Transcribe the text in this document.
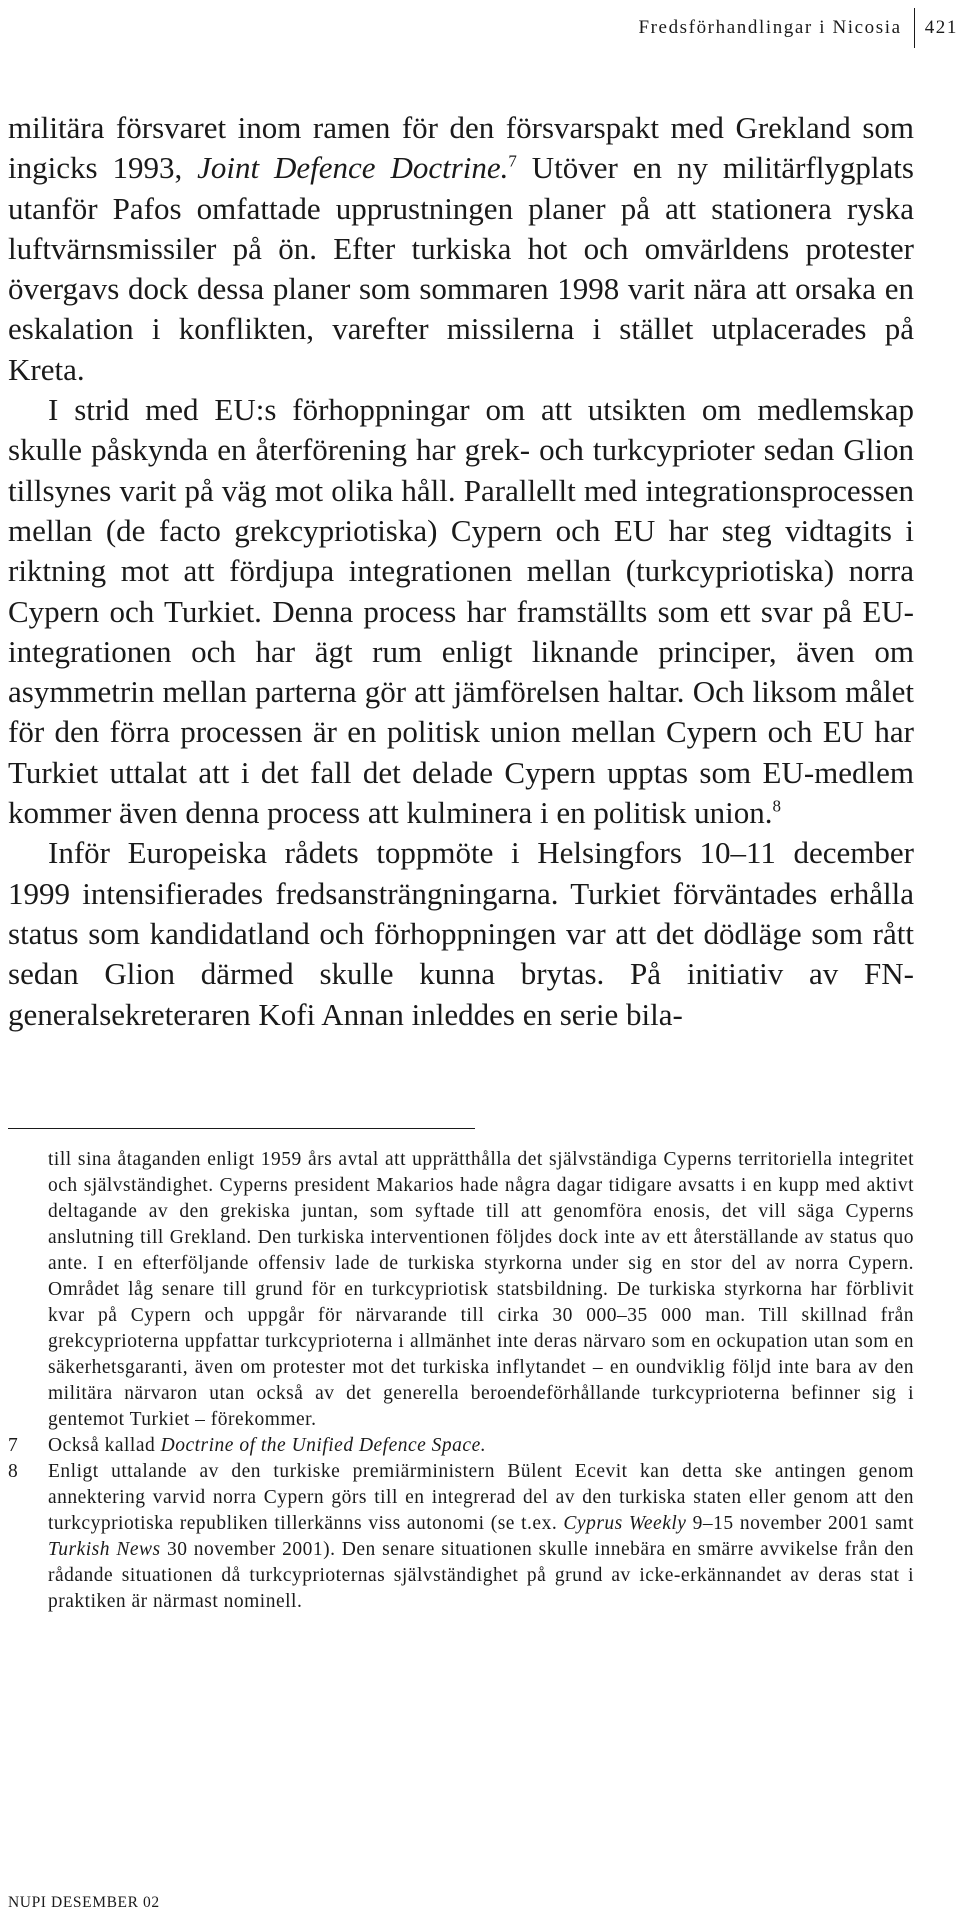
Fredsförhandlingar i Nicosia	421

militära försvaret inom ramen för den försvarspakt med Grekland som ingicks 1993, Joint Defence Doctrine.$^7$ Utöver en ny militärflygplats utanför Pafos omfattade upprustningen planer på att stationera ryska luftvärnsmissiler på ön. Efter turkiska hot och omvärldens protester övergavs dock dessa planer som sommaren 1998 varit nära att orsaka en eskalation i konflikten, varefter missilerna i stället utplacerades på Kreta.

I strid med EU:s förhoppningar om att utsikten om medlemskap skulle påskynda en återförening har grek- och turkcyprioter sedan Glion tillsynes varit på väg mot olika håll. Parallellt med integrationsprocessen mellan (de facto grekcypriotiska) Cypern och EU har steg vidtagits i riktning mot att fördjupa integrationen mellan (turkcypriotiska) norra Cypern och Turkiet. Denna process har framställts som ett svar på EU-integrationen och har ägt rum enligt liknande principer, även om asymmetrin mellan parterna gör att jämförelsen haltar. Och liksom målet för den förra processen är en politisk union mellan Cypern och EU har Turkiet uttalat att i det fall det delade Cypern upptas som EU-medlem kommer även denna process att kulminera i en politisk union.$^8$

Inför Europeiska rådets toppmöte i Helsingfors 10–11 december 1999 intensifierades fredsansträngningarna. Turkiet förväntades erhålla status som kandidatland och förhoppningen var att det dödläge som rått sedan Glion därmed skulle kunna brytas. På initiativ av FN-generalsekreteraren Kofi Annan inleddes en serie bila-

till sina åtaganden enligt 1959 års avtal att upprätthålla det självständiga Cyperns territoriella integritet och självständighet. Cyperns president Makarios hade några dagar tidigare avsatts i en kupp med aktivt deltagande av den grekiska juntan, som syftade till att genomföra enosis, det vill säga Cyperns anslutning till Grekland. Den turkiska interventionen följdes dock inte av ett återställande av status quo ante. I en efterföljande offensiv lade de turkiska styrkorna under sig en stor del av norra Cypern. Området låg senare till grund för en turkcypriotisk statsbildning. De turkiska styrkorna har förblivit kvar på Cypern och uppgår för närvarande till cirka 30 000–35 000 man. Till skillnad från grekcyprioterna uppfattar turkcyprioterna i allmänhet inte deras närvaro som en ockupation utan som en säkerhetsgaranti, även om protester mot det turkiska inflytandet – en oundviklig följd inte bara av den militära närvaron utan också av det generella beroendeförhållande turkcyprioterna befinner sig i gentemot Turkiet – förekommer.

7	Också kallad Doctrine of the Unified Defence Space.

8	Enligt uttalande av den turkiske premiärministern Bülent Ecevit kan detta ske antingen genom annektering varvid norra Cypern görs till en integrerad del av den turkiska staten eller genom att den turkcypriotiska republiken tillerkänns viss autonomi (se t.ex. Cyprus Weekly 9–15 november 2001 samt Turkish News 30 november 2001). Den senare situationen skulle innebära en smärre avvikelse från den rådande situationen då turkcyprioternas självständighet på grund av icke-erkännandet av deras stat i praktiken är närmast nominell.

NUPI DESEMBER 02
